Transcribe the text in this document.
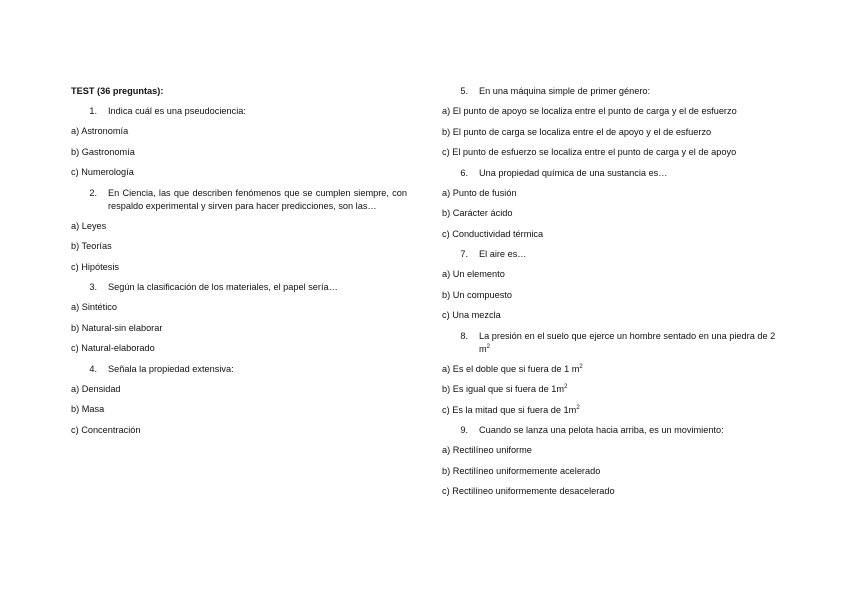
TEST (36 preguntas):

1.	Indica cuál es una pseudociencia:

a) Astronomía

b) Gastronomía

c) Numerología

2.	En Ciencia, las que describen fenómenos que se cumplen siempre, con respaldo experimental y sirven para hacer predicciones, son las…

a) Leyes

b) Teorías

c) Hipótesis

3.	Según la clasificación de los materiales, el papel sería…

a) Sintético

b) Natural-sin elaborar

c) Natural-elaborado

4.	Señala la propiedad extensiva:

a) Densidad

b) Masa

c) Concentración

5.	En una máquina simple de primer género:

a) El punto de apoyo se localiza entre el punto de carga y el de esfuerzo

b) El punto de carga se localiza entre el de apoyo y el de esfuerzo

c) El punto de esfuerzo se localiza entre el punto de carga y el de apoyo

6.	Una propiedad química de una sustancia es…

a) Punto de fusión

b) Carácter ácido

c) Conductividad térmica

7.	El aire es…

a) Un elemento

b) Un compuesto

c) Una mezcla

8.	La presión en el suelo que ejerce un hombre sentado en una piedra de 2 $m^2$

a) Es el doble que si fuera de 1 $m^2$

b) Es igual que si fuera de $1m^2$

c) Es la mitad que si fuera de $1m^2$

9.	Cuando se lanza una pelota hacia arriba, es un movimiento:

a) Rectilíneo uniforme

b) Rectilíneo uniformemente acelerado

c) Rectilíneo uniformemente desacelerado
